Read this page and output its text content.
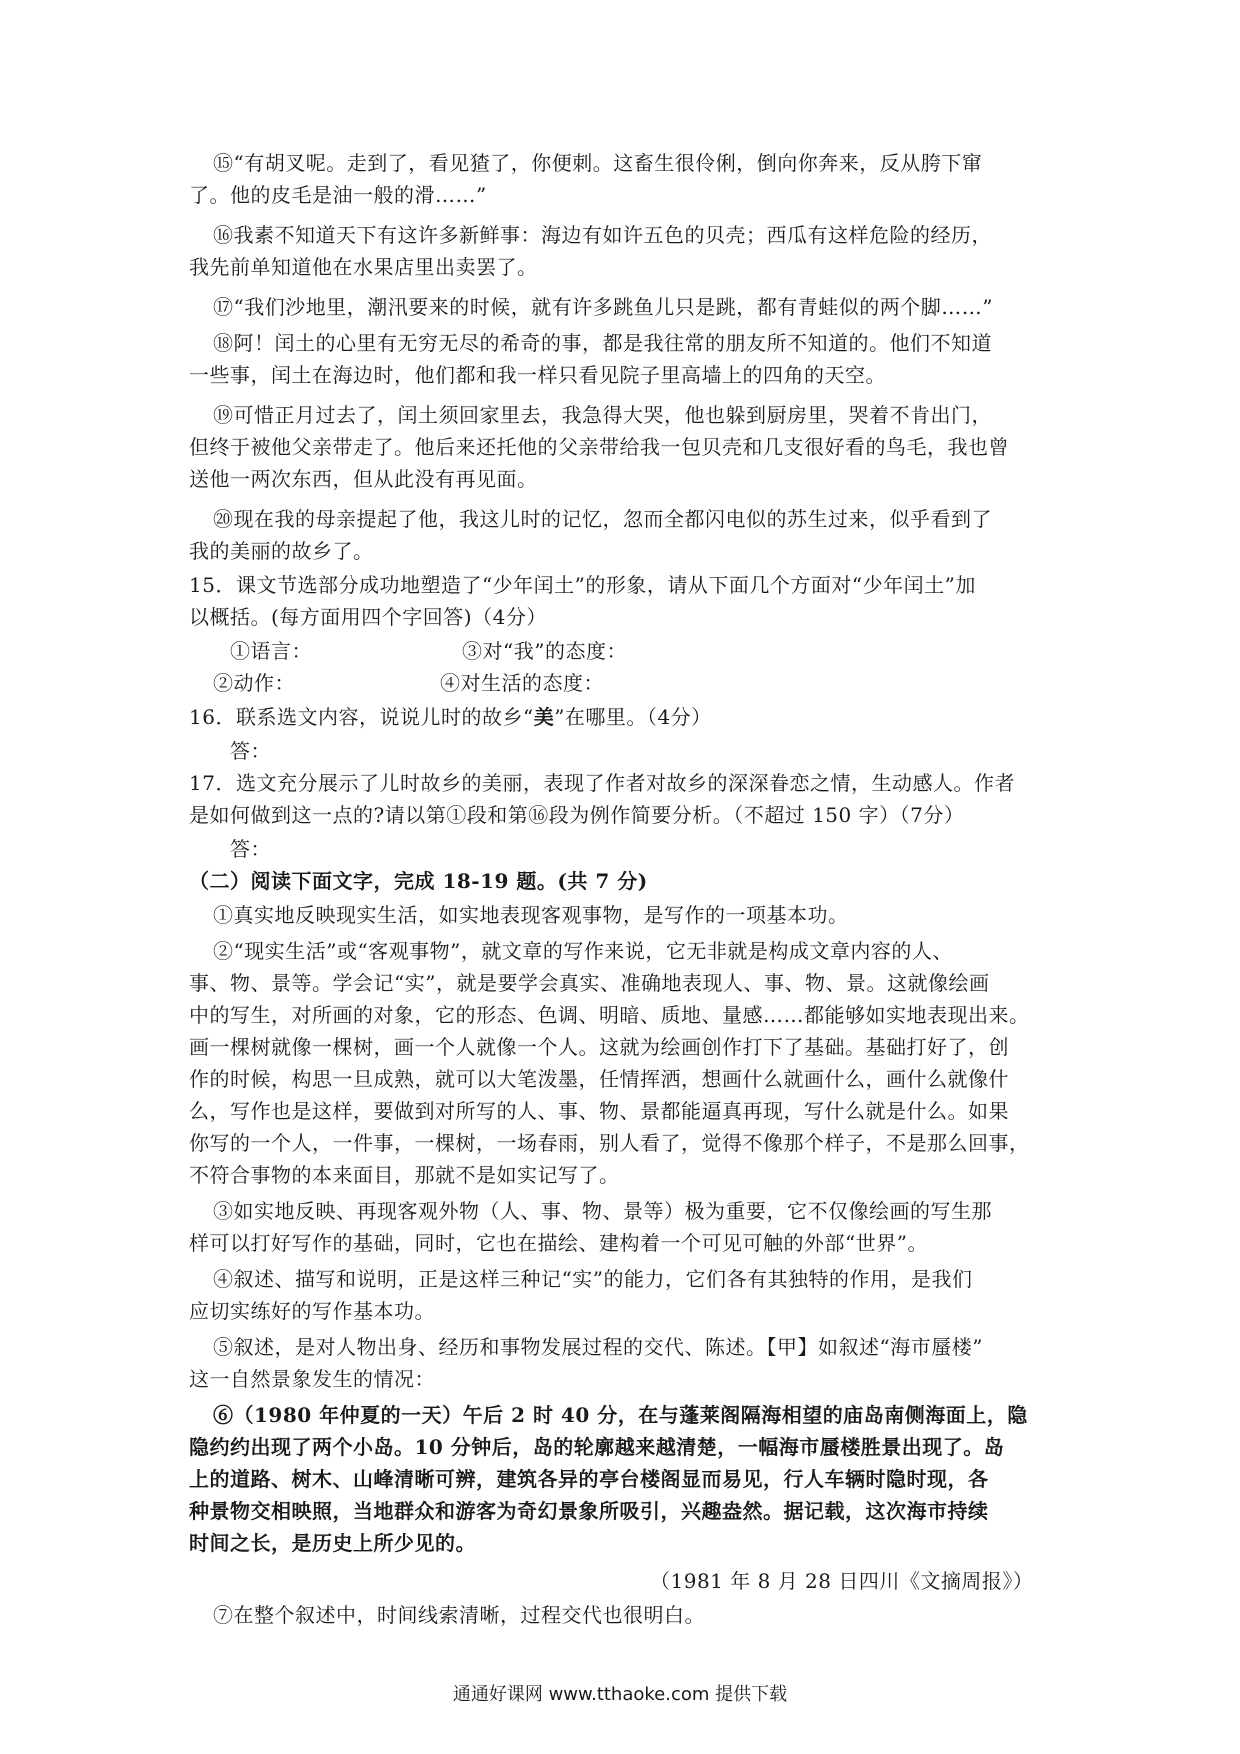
⑮“有胡叉呢。走到了，看见猹了，你便刺。这畜生很伶俐，倒向你奔来，反从胯下窜
了。他的皮毛是油一般的滑……”
⑯我素不知道天下有这许多新鲜事：海边有如许五色的贝壳；西瓜有这样危险的经历，
我先前单知道他在水果店里出卖罢了。
⑰“我们沙地里，潮汛要来的时候，就有许多跳鱼儿只是跳，都有青蛙似的两个脚……”
⑱阿！闰土的心里有无穷无尽的希奇的事，都是我往常的朋友所不知道的。他们不知道
一些事，闰土在海边时，他们都和我一样只看见院子里高墙上的四角的天空。
⑲可惜正月过去了，闰土须回家里去，我急得大哭，他也躲到厨房里，哭着不肯出门，
但终于被他父亲带走了。他后来还托他的父亲带给我一包贝壳和几支很好看的鸟毛，我也曾
送他一两次东西，但从此没有再见面。
⑳现在我的母亲提起了他，我这儿时的记忆，忽而全都闪电似的苏生过来，似乎看到了
我的美丽的故乡了。
15．课文节选部分成功地塑造了“少年闰土”的形象，请从下面几个方面对“少年闰土”加
以概括。(每方面用四个字回答)（4分）
①语言：	③对“我”的态度：
②动作：	④对生活的态度：
16．联系选文内容，说说儿时的故乡“美”在哪里。（4分）
答：
17．选文充分展示了儿时故乡的美丽，表现了作者对故乡的深深眷恋之情，生动感人。作者
是如何做到这一点的?请以第①段和第⑯段为例作简要分析。（不超过 150 字）（7分）
答：
（二）阅读下面文字，完成 18-19 题。(共 7 分)
①真实地反映现实生活，如实地表现客观事物，是写作的一项基本功。
②“现实生活”或“客观事物”，就文章的写作来说，它无非就是构成文章内容的人、
事、物、景等。学会记“实”，就是要学会真实、准确地表现人、事、物、景。这就像绘画
中的写生，对所画的对象，它的形态、色调、明暗、质地、量感……都能够如实地表现出来。
画一棵树就像一棵树，画一个人就像一个人。这就为绘画创作打下了基础。基础打好了，创
作的时候，构思一旦成熟，就可以大笔泼墨，任情挥洒，想画什么就画什么，画什么就像什
么，写作也是这样，要做到对所写的人、事、物、景都能逼真再现，写什么就是什么。如果
你写的一个人，一件事，一棵树，一场春雨，别人看了，觉得不像那个样子，不是那么回事，
不符合事物的本来面目，那就不是如实记写了。
③如实地反映、再现客观外物（人、事、物、景等）极为重要，它不仅像绘画的写生那
样可以打好写作的基础，同时，它也在描绘、建构着一个可见可触的外部“世界”。
④叙述、描写和说明，正是这样三种记“实”的能力，它们各有其独特的作用，是我们
应切实练好的写作基本功。
⑤叙述，是对人物出身、经历和事物发展过程的交代、陈述。【甲】如叙述“海市蜃楼”
这一自然景象发生的情况：
⑥（1980 年仲夏的一天）午后 2 时 40 分，在与蓬莱阁隔海相望的庙岛南侧海面上，隐
隐约约出现了两个小岛。10 分钟后，岛的轮廓越来越清楚，一幅海市蜃楼胜景出现了。岛
上的道路、树木、山峰清晰可辨，建筑各异的亭台楼阁显而易见，行人车辆时隐时现，各
种景物交相映照，当地群众和游客为奇幻景象所吸引，兴趣盎然。据记载，这次海市持续
时间之长，是历史上所少见的。
（1981 年 8 月 28 日四川《文摘周报》）
⑦在整个叙述中，时间线索清晰，过程交代也很明白。
通通好课网 www.tthaoke.com 提供下载
